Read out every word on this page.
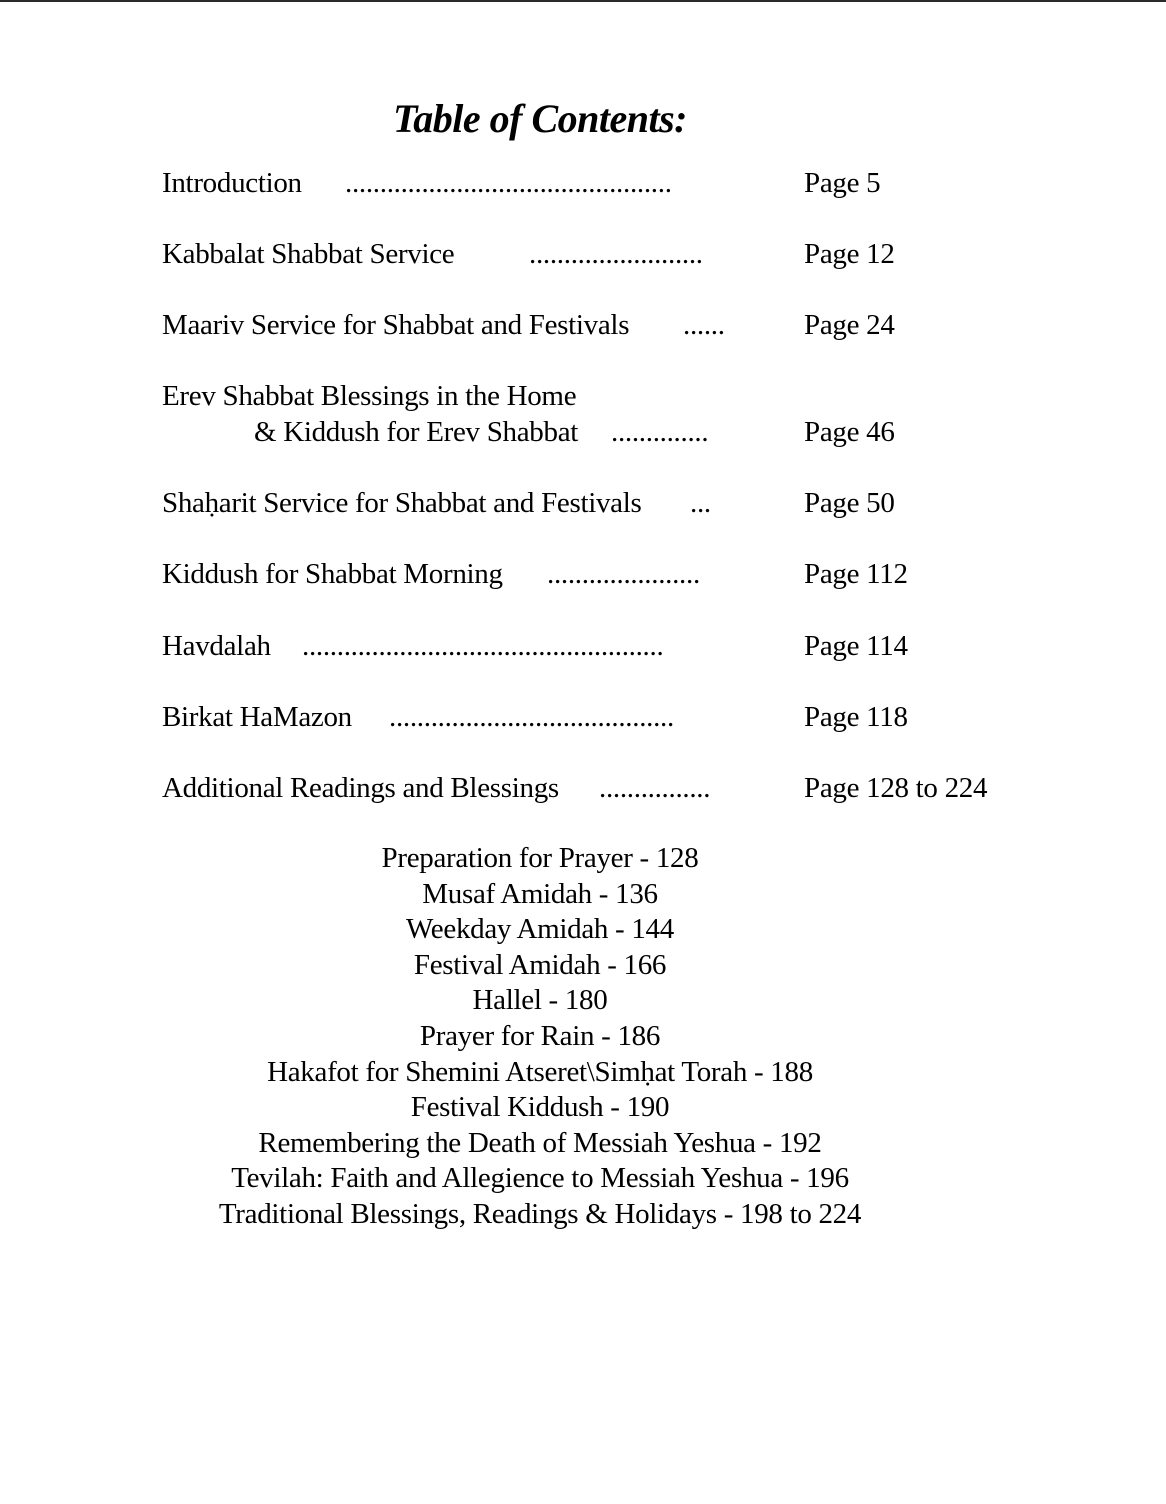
Table of Contents:
Introduction ...............................................	Page 5
Kabbalat Shabbat Service	.........................	Page 12
Maariv Service for Shabbat and Festivals ......	Page 24
Erev Shabbat Blessings in the Home
& Kiddush for Erev Shabbat ..............	Page 46
Shaḥarit Service for Shabbat and Festivals ...	Page 50
Kiddush for Shabbat Morning ......................	Page 112
Havdalah ....................................................	Page 114
Birkat HaMazon .........................................	Page 118
Additional Readings and Blessings ................	Page 128 to 224
Preparation for Prayer - 128
Musaf Amidah - 136
Weekday Amidah - 144
Festival Amidah - 166
Hallel - 180
Prayer for Rain - 186
Hakafot for Shemini Atseret\Simḥat Torah - 188
Festival Kiddush - 190
Remembering the Death of Messiah Yeshua - 192
Tevilah: Faith and Allegience to Messiah Yeshua - 196
Traditional Blessings, Readings & Holidays - 198 to 224
